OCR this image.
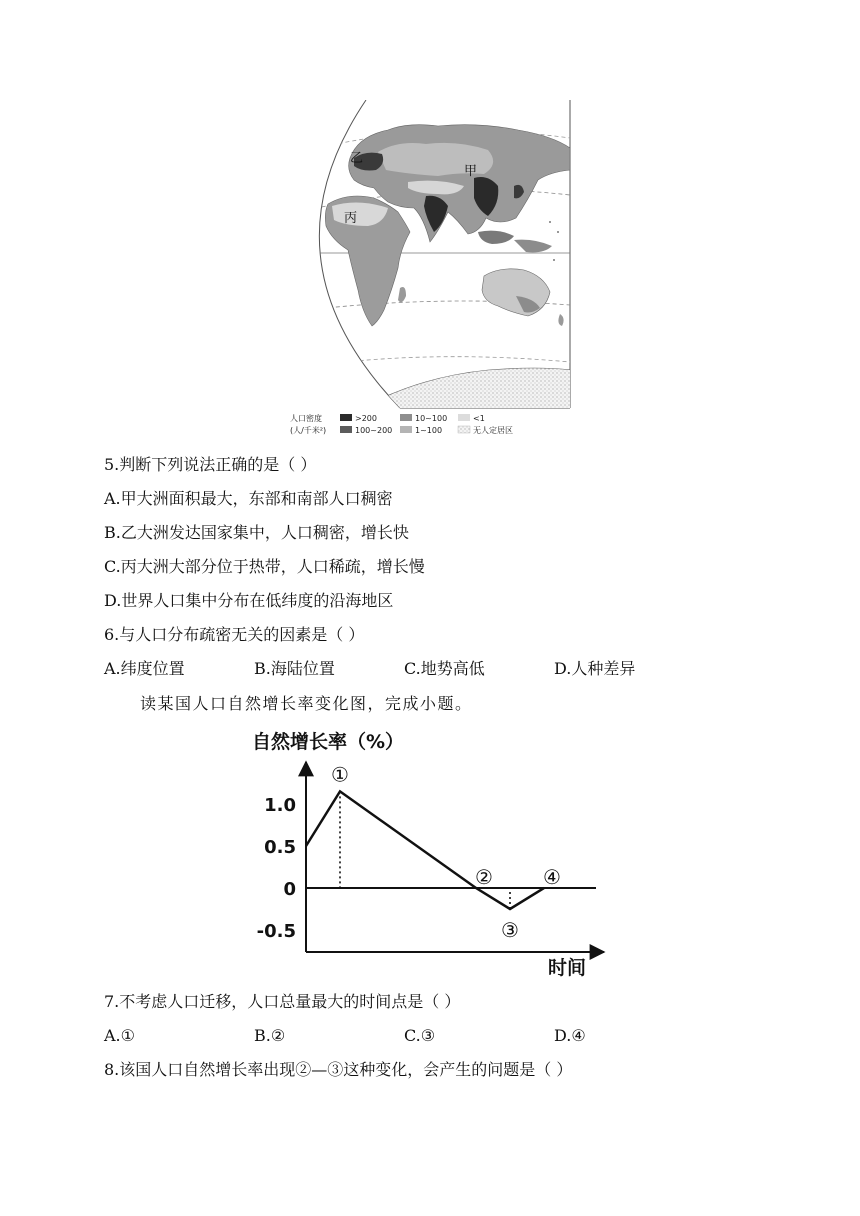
甲
乙
丙
人口密度
(人/千米²)
>200
100~200
10~100
1~100
<1
无人定居区
5.判断下列说法正确的是（ ）
A.甲大洲面积最大，东部和南部人口稠密
B.乙大洲发达国家集中，人口稠密，增长快
C.丙大洲大部分位于热带，人口稀疏，增长慢
D.世界人口集中分布在低纬度的沿海地区
6.与人口分布疏密无关的因素是（ ）
A.纬度位置	B.海陆位置	C.地势高低	D.人种差异
读某国人口自然增长率变化图，完成小题。
自然增长率（%）
时间
1.0
0.5
0
-0.5
①
②
③
④
7.不考虑人口迁移，人口总量最大的时间点是（ ）
A.①	B.②	C.③	D.④
8.该国人口自然增长率出现②—③这种变化，会产生的问题是（ ）
